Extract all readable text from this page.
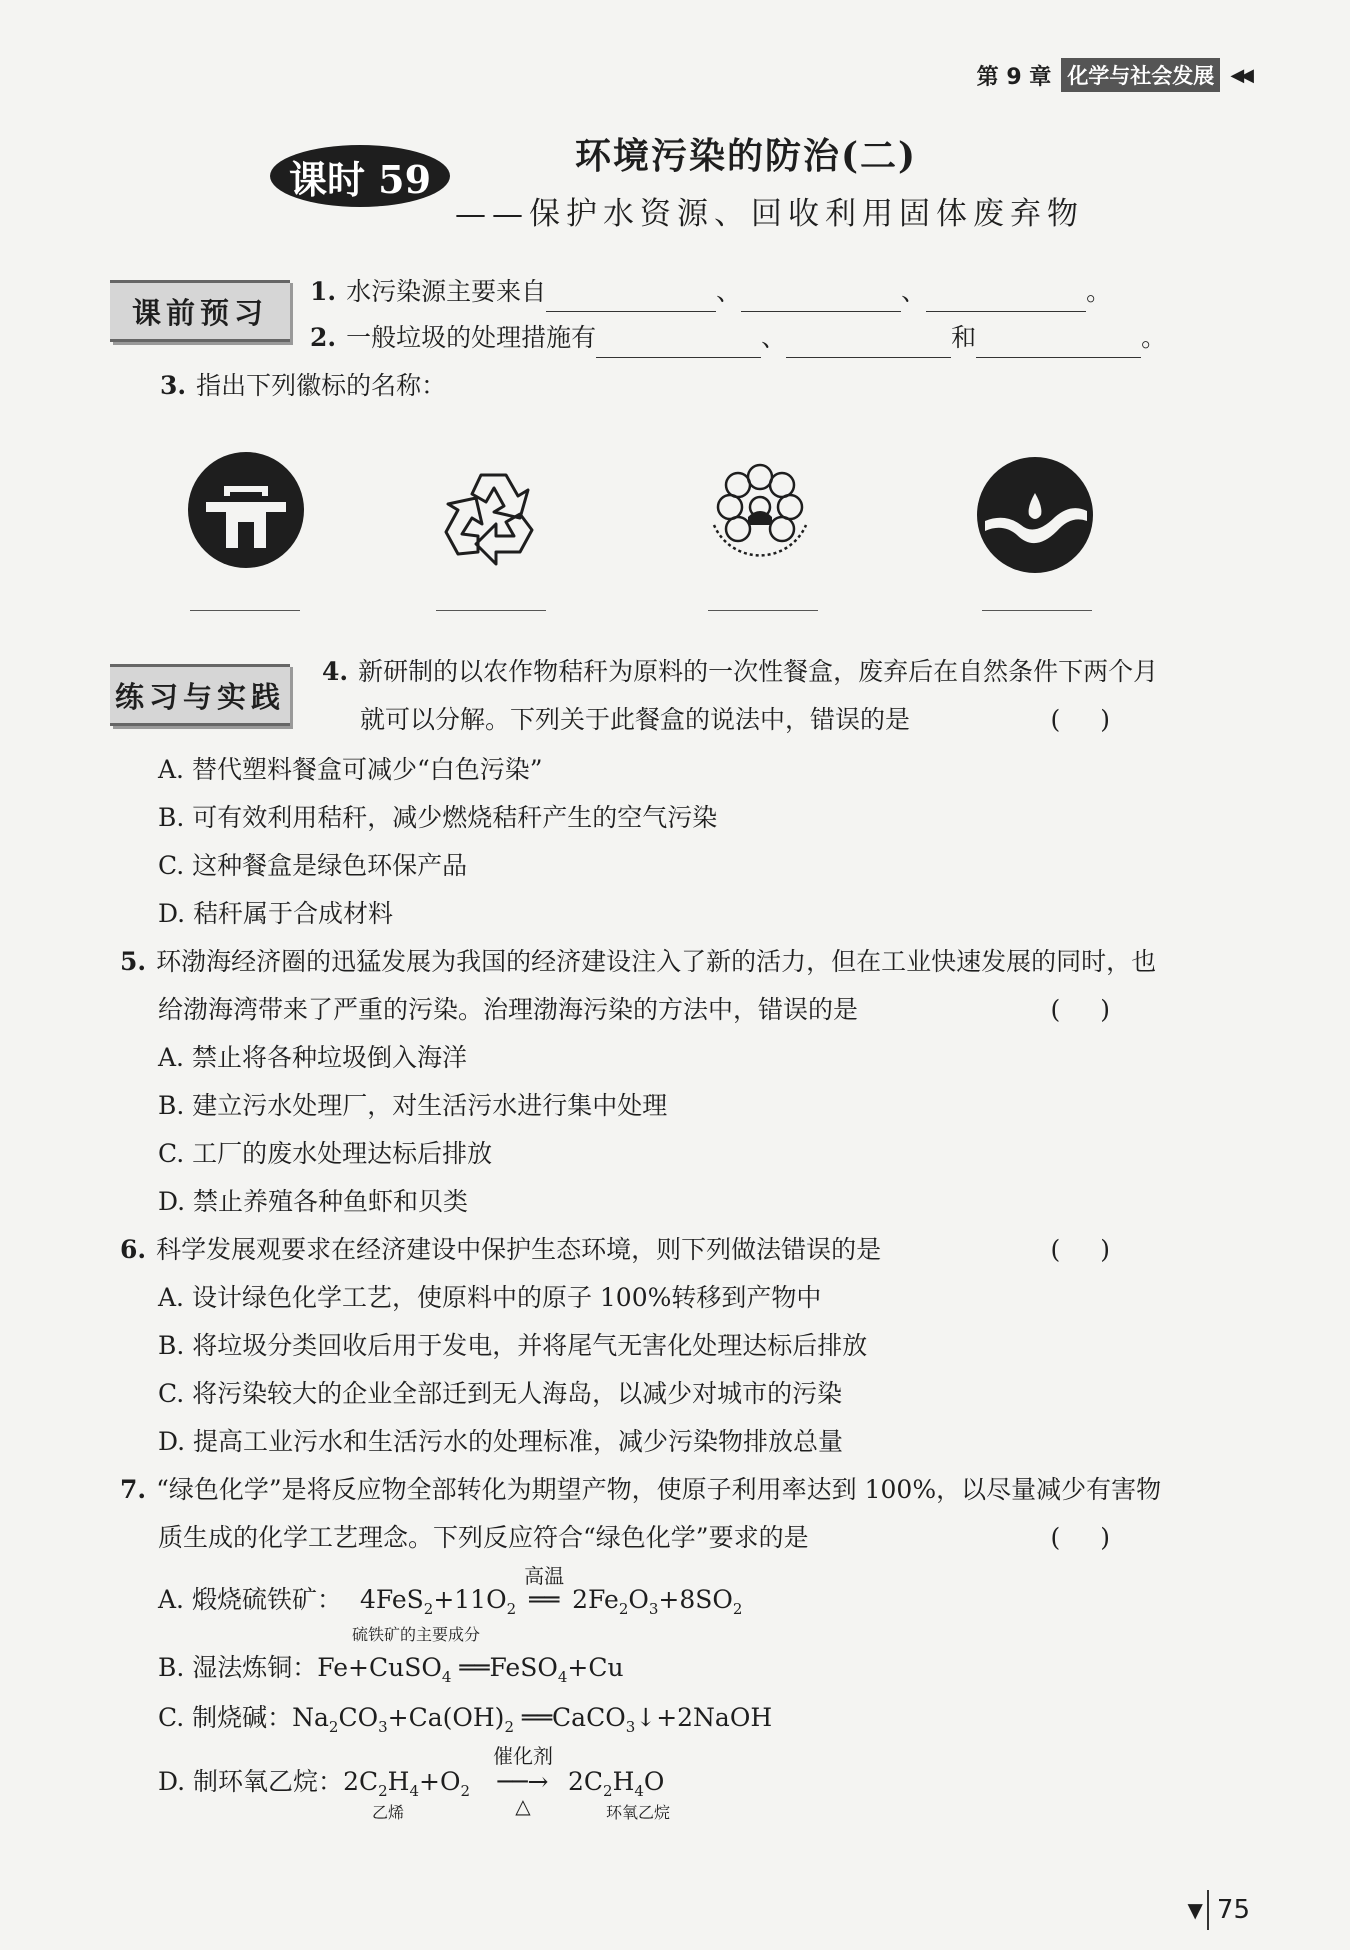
第 9 章 化学与社会发展 ◀◀
课时 59
环境污染的防治(二)
——保护水资源、回收利用固体废弃物
课前预习
1. 水污染源主要来自	、	、	。
2. 一般垃圾的处理措施有	、	和	。
3. 指出下列徽标的名称：
练习与实践
4. 新研制的以农作物秸秆为原料的一次性餐盒，废弃后在自然条件下两个月
就可以分解。下列关于此餐盒的说法中，错误的是	()
A. 替代塑料餐盒可减少“白色污染”
B. 可有效利用秸秆，减少燃烧秸秆产生的空气污染
C. 这种餐盒是绿色环保产品
D. 秸秆属于合成材料
5. 环渤海经济圈的迅猛发展为我国的经济建设注入了新的活力，但在工业快速发展的同时，也
给渤海湾带来了严重的污染。治理渤海污染的方法中，错误的是	()
A. 禁止将各种垃圾倒入海洋
B. 建立污水处理厂，对生活污水进行集中处理
C. 工厂的废水处理达标后排放
D. 禁止养殖各种鱼虾和贝类
6. 科学发展观要求在经济建设中保护生态环境，则下列做法错误的是	()
A. 设计绿色化学工艺，使原料中的原子 100%转移到产物中
B. 将垃圾分类回收后用于发电，并将尾气无害化处理达标后排放
C. 将污染较大的企业全部迁到无人海岛，以减少对城市的污染
D. 提高工业污水和生活污水的处理标准，减少污染物排放总量
7. “绿色化学”是将反应物全部转化为期望产物，使原子利用率达到 100%，以尽量减少有害物
质生成的化学工艺理念。下列反应符合“绿色化学”要求的是	()
A. 煅烧硫铁矿： $4FeS_2+11O_2$
高温
══ $2Fe_2O_3+8SO_2$
硫铁矿的主要成分
B. 湿法炼铜：Fe+CuSO$_4$ ══FeSO$_4$+Cu
C. 制烧碱：$Na_2CO_3+Ca(OH)_2$ ══CaCO$_3$↓+2NaOH
D. 制环氧乙烷：$2C_2H_4+O_2$
催化剂
──→
△
$2C_2H_4O$
乙烯	环氧乙烷
▼ 75
